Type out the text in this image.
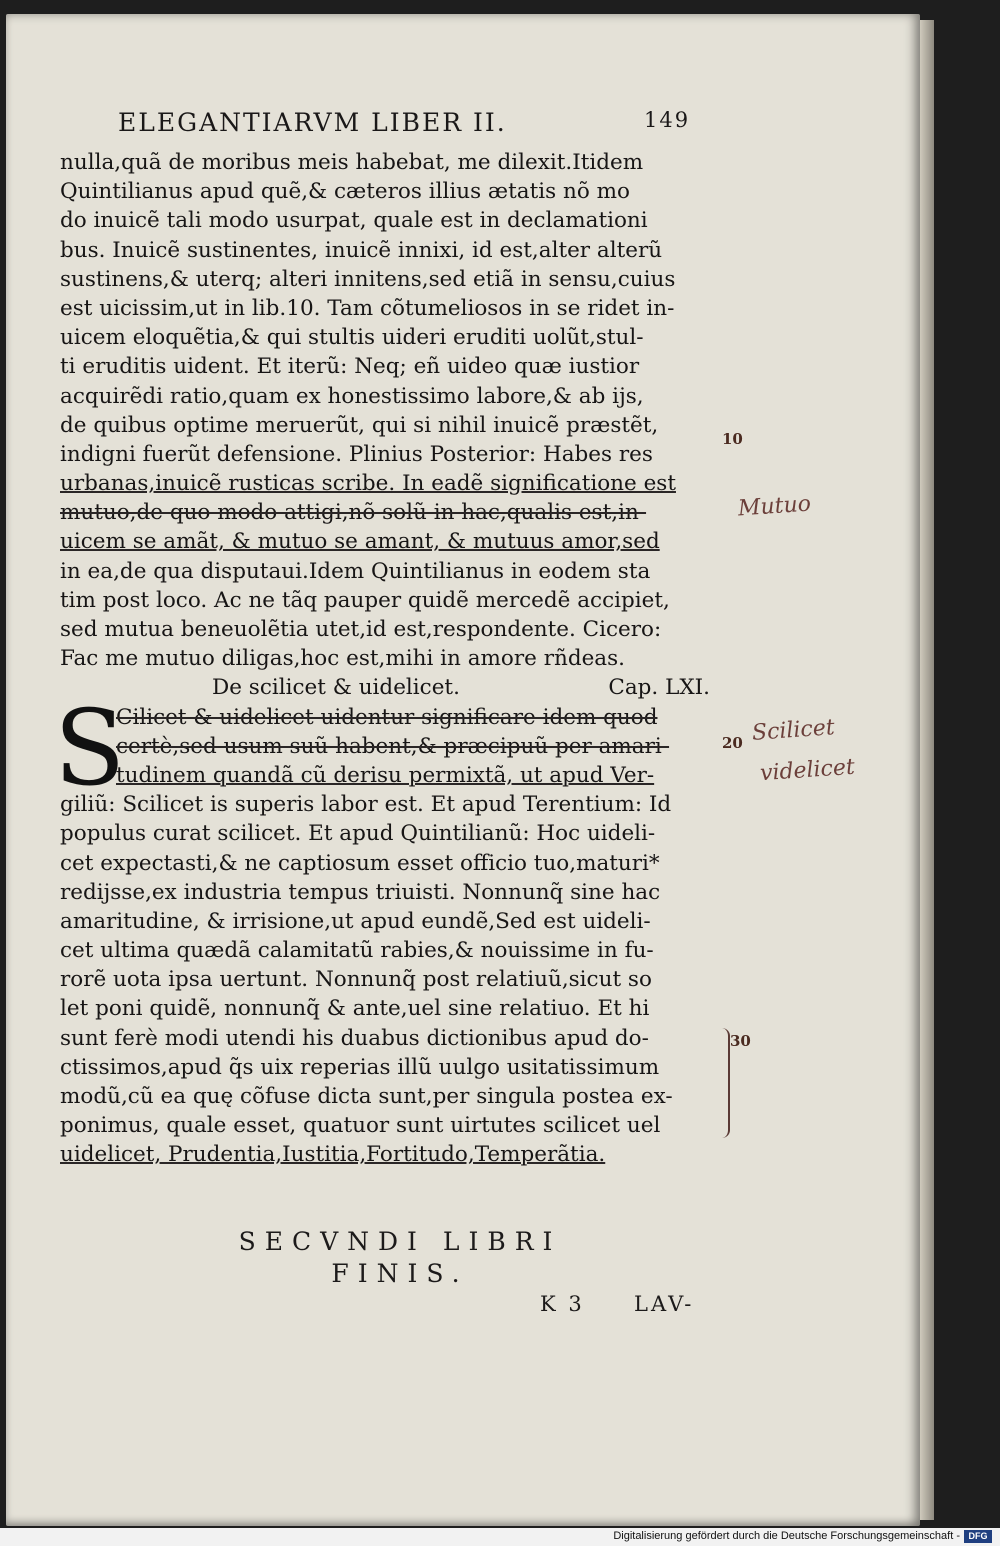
ELEGANTIARVM LIBER II.	149
nulla,quã de moribus meis habebat, me dilexit.Itidem
Quintilianus apud quẽ,& cæteros illius ætatis nõ mo
do inuicẽ tali modo usurpat, quale est in declamationi
bus. Inuicẽ sustinentes, inuicẽ innixi, id est,alter alterũ
sustinens,& uterq; alteri innitens,sed etiã in sensu,cuius
est uicissim,ut in lib.10. Tam cõtumeliosos in se ridet in-
uicem eloquẽtia,& qui stultis uideri eruditi uolũt,stul-
ti eruditis uident. Et iterũ: Neq; eñ uideo quæ iustior
acquirẽdi ratio,quam ex honestissimo labore,& ab ijs,
de quibus optime meruerũt, qui si nihil inuicẽ præstẽt,
indigni fuerũt defensione. Plinius Posterior: Habes res
urbanas,inuicẽ rusticas scribe. In eadẽ significatione est
mutuo,de quo modo attigi,nõ solũ in hac,qualis est,in-
uicem se amãt, & mutuo se amant, & mutuus amor,sed
in ea,de qua disputaui.Idem Quintilianus in eodem sta
tim post loco. Ac ne tãq pauper quidẽ mercedẽ accipiet,
sed mutua beneuolẽtia utet,id est,respondente. Cicero:
Fac me mutuo diligas,hoc est,mihi in amore rñdeas.
De scilicet & uidelicet.	Cap. LXI.
S
Cilicet & uidelicet uidentur significare idem quod
certè,sed usum suũ habent,& præcipuũ per amari-
tudinem quandã cũ derisu permixtã, ut apud Ver-
giliũ: Scilicet is superis labor est. Et apud Terentium: Id
populus curat scilicet. Et apud Quintilianũ: Hoc uideli-
cet expectasti,& ne captiosum esset officio tuo,maturi*
redijsse,ex industria tempus triuisti. Nonnunq̃ sine hac
amaritudine, & irrisione,ut apud eundẽ,Sed est uideli-
cet ultima quædã calamitatũ rabies,& nouissime in fu-
rorẽ uota ipsa uertunt. Nonnunq̃ post relatiuũ,sicut so
let poni quidẽ, nonnunq̃ & ante,uel sine relatiuo. Et hi
sunt ferè modi utendi his duabus dictionibus apud do-
ctissimos,apud q̃s uix reperias illũ uulgo usitatissimum
modũ,cũ ea quę cõfuse dicta sunt,per singula postea ex-
ponimus, quale esset, quatuor sunt uirtutes scilicet uel
uidelicet, Prudentia,Iustitia,Fortitudo,Temperãtia.
10
20
30
Mutuo
Scilicet
videlicet
SECVNDI LIBRI
FINIS.
K 3 LAV-
Digitalisierung gefördert durch die Deutsche Forschungsgemeinschaft - DFG
